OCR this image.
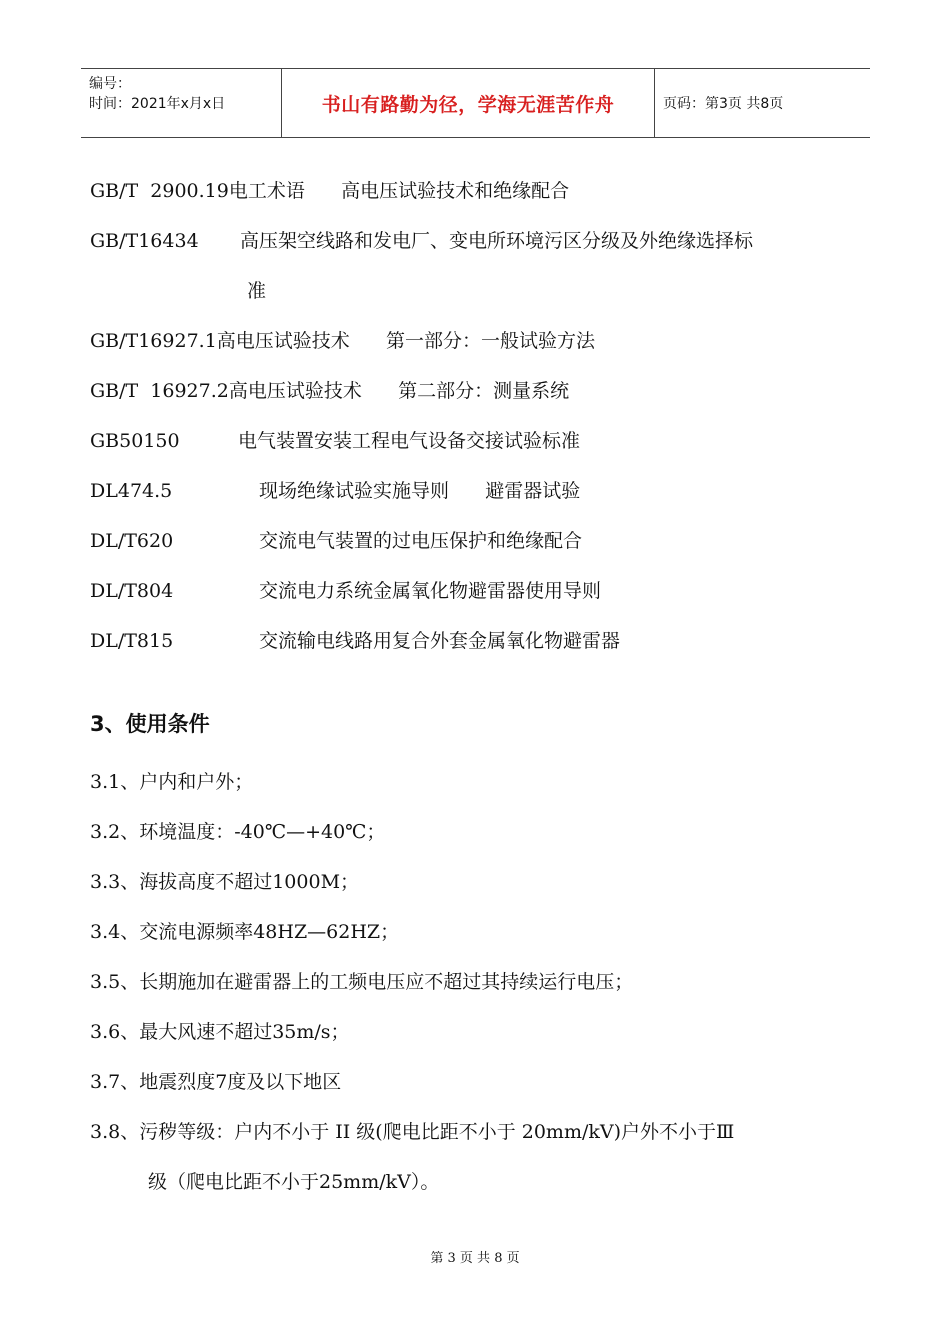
编号：
时间：2021年x月x日	书山有路勤为径，学海无涯苦作舟	页码：第3页 共8页
GB/T  2900.19 电工术语      高电压试验技术和绝缘配合
GB/T16434	高压架空线路和发电厂、变电所环境污区分级及外绝缘选择标
准
GB/T16927.1 高电压试验技术      第一部分：一般试验方法
GB/T  16927.2 高电压试验技术      第二部分：测量系统
GB50150	电气装置安装工程电气设备交接试验标准
DL474.5	现场绝缘试验实施导则      避雷器试验
DL/T620	交流电气装置的过电压保护和绝缘配合
DL/T804	交流电力系统金属氧化物避雷器使用导则
DL/T815	交流输电线路用复合外套金属氧化物避雷器
3、使用条件
3.1、户内和户外；
3.2、环境温度：-40℃—+40℃；
3.3、海拔高度不超过1000M；
3.4、交流电源频率48HZ—62HZ；
3.5、长期施加在避雷器上的工频电压应不超过其持续运行电压；
3.6、最大风速不超过35m/s；
3.7、地震烈度7度及以下地区
3.8、污秽等级：户内不小于 II 级(爬电比距不小于 20mm/kV)户外不小于Ⅲ
级（爬电比距不小于25mm/kV）。
第 3 页 共 8 页
